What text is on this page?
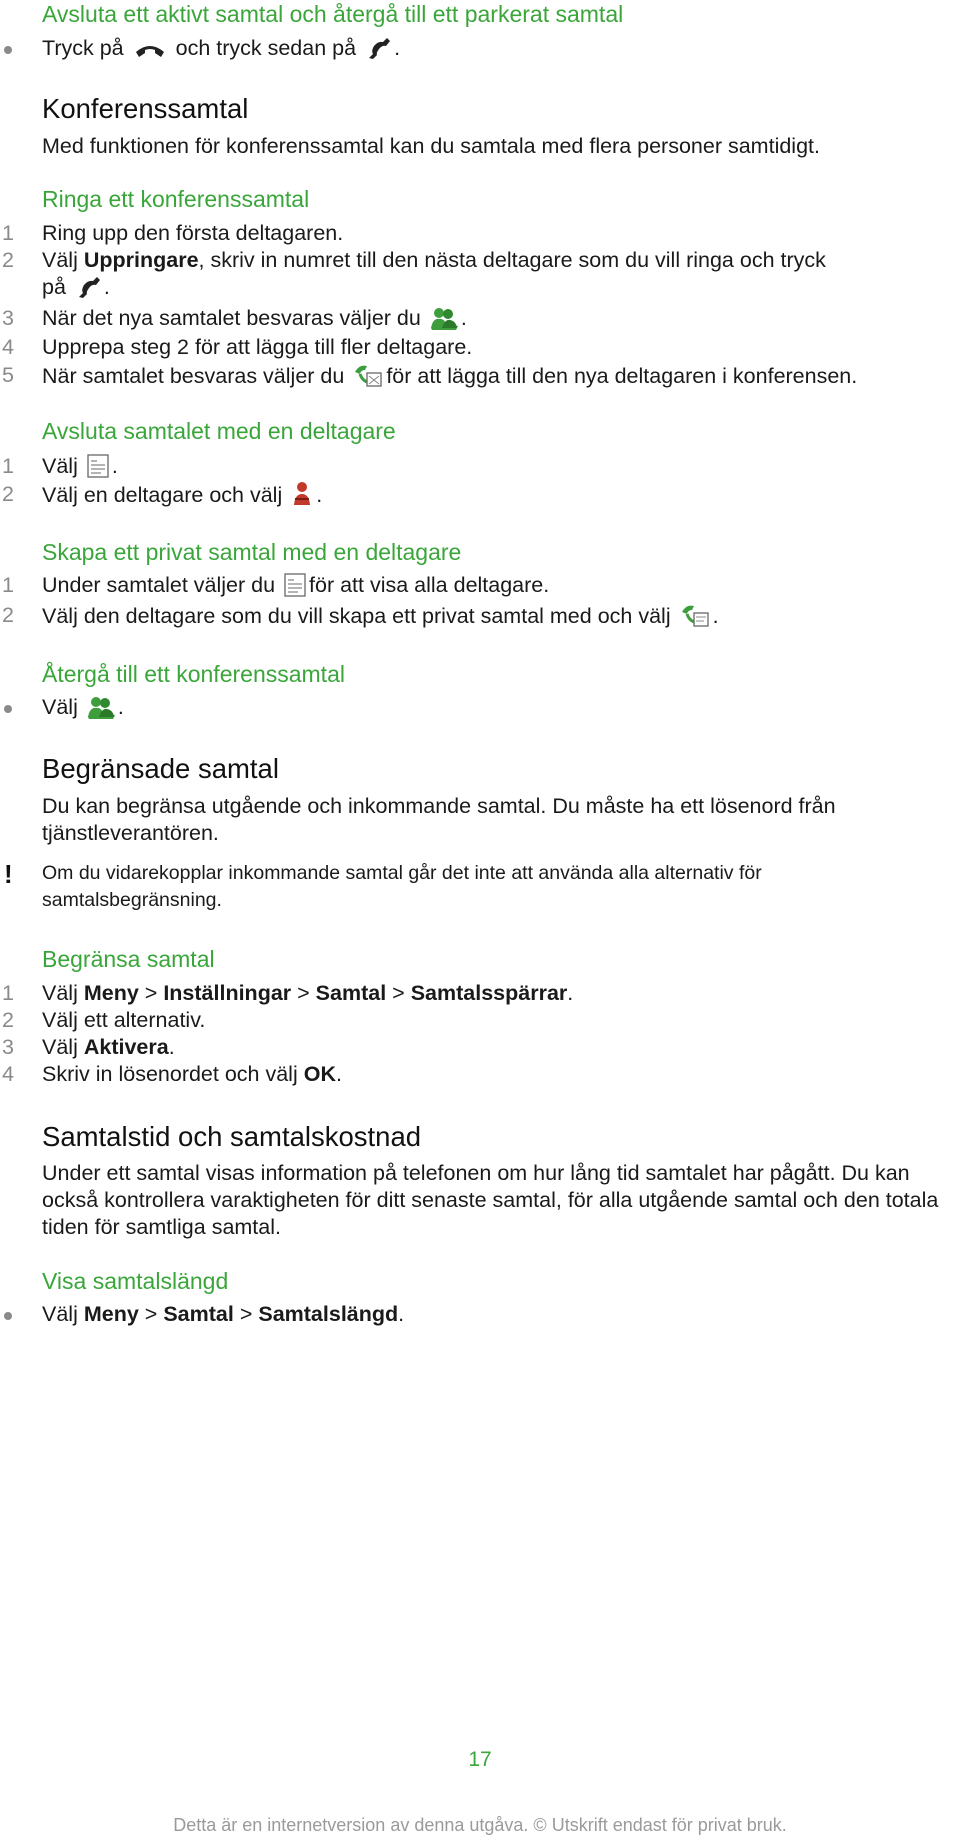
Avsluta ett aktivt samtal och återgå till ett parkerat samtal
Tryck på och tryck sedan på .
Konferenssamtal
Med funktionen för konferenssamtal kan du samtala med flera personer samtidigt.
Ringa ett konferenssamtal
1	Ring upp den första deltagaren.
2	Välj Uppringare, skriv in numret till den nästa deltagare som du vill ringa och tryck
på .
3	När det nya samtalet besvaras väljer du .
4	Upprepa steg 2 för att lägga till fler deltagare.
5	När samtalet besvaras väljer du för att lägga till den nya deltagaren i konferensen.
Avsluta samtalet med en deltagare
1	Välj .
2	Välj en deltagare och välj .
Skapa ett privat samtal med en deltagare
1	Under samtalet väljer du för att visa alla deltagare.
2	Välj den deltagare som du vill skapa ett privat samtal med och välj .
Återgå till ett konferenssamtal
Välj .
Begränsade samtal
Du kan begränsa utgående och inkommande samtal. Du måste ha ett lösenord från tjänstleverantören.
!	Om du vidarekopplar inkommande samtal går det inte att använda alla alternativ för samtalsbegränsning.
Begränsa samtal
1	Välj Meny > Inställningar > Samtal > Samtalsspärrar.
2	Välj ett alternativ.
3	Välj Aktivera.
4	Skriv in lösenordet och välj OK.
Samtalstid och samtalskostnad
Under ett samtal visas information på telefonen om hur lång tid samtalet har pågått. Du kan också kontrollera varaktigheten för ditt senaste samtal, för alla utgående samtal och den totala tiden för samtliga samtal.
Visa samtalslängd
Välj Meny > Samtal > Samtalslängd.
17
Detta är en internetversion av denna utgåva. © Utskrift endast för privat bruk.
